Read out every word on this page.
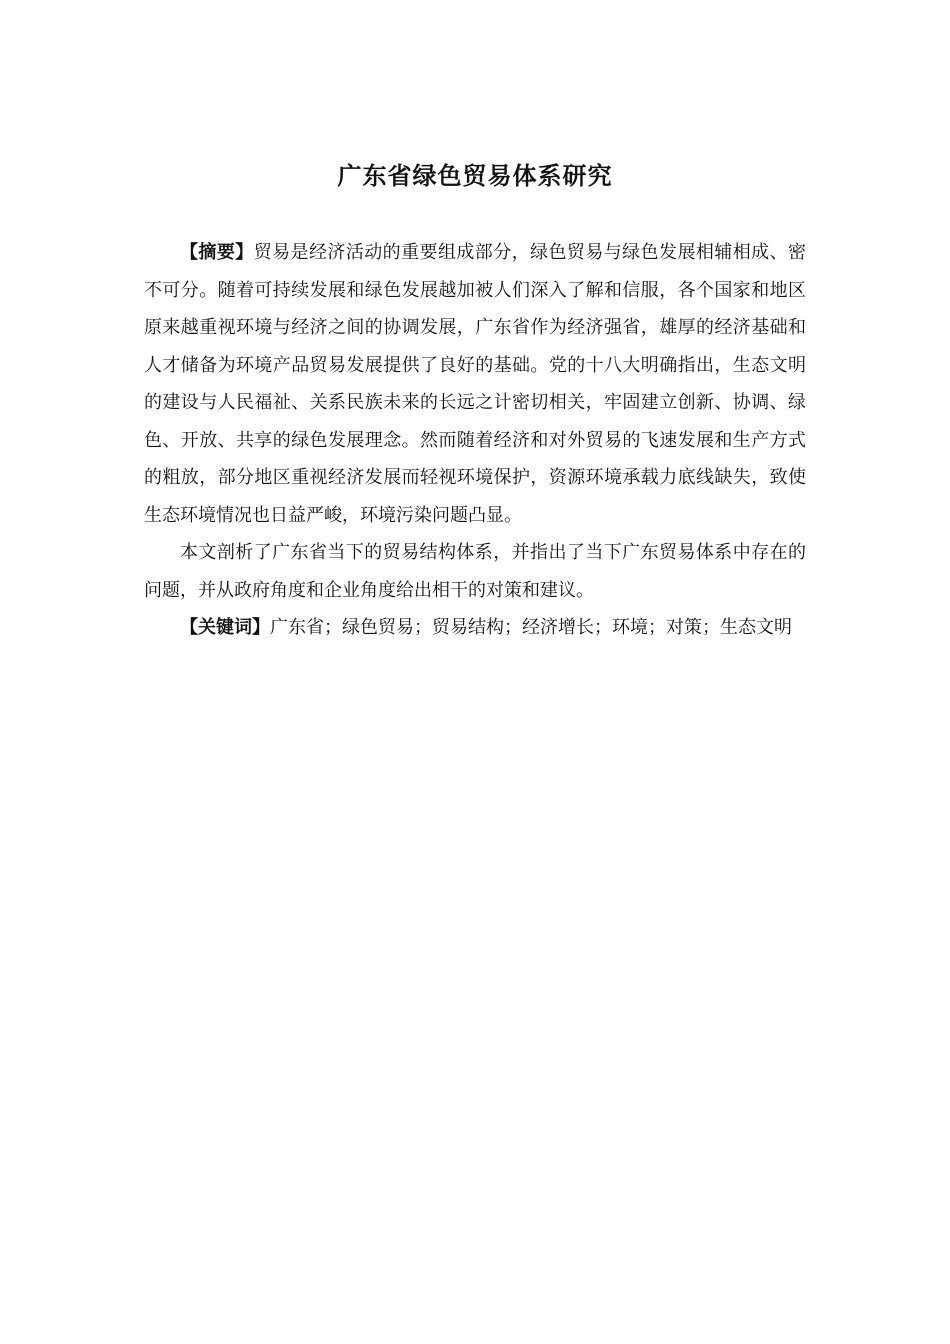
广东省绿色贸易体系研究

【摘要】贸易是经济活动的重要组成部分，绿色贸易与绿色发展相辅相成、密不可分。随着可持续发展和绿色发展越加被人们深入了解和信服，各个国家和地区原来越重视环境与经济之间的协调发展，广东省作为经济强省，雄厚的经济基础和人才储备为环境产品贸易发展提供了良好的基础。党的十八大明确指出，生态文明的建设与人民福祉、关系民族未来的长远之计密切相关，牢固建立创新、协调、绿色、开放、共享的绿色发展理念。然而随着经济和对外贸易的飞速发展和生产方式的粗放，部分地区重视经济发展而轻视环境保护，资源环境承载力底线缺失，致使生态环境情况也日益严峻，环境污染问题凸显。

本文剖析了广东省当下的贸易结构体系，并指出了当下广东贸易体系中存在的问题，并从政府角度和企业角度给出相干的对策和建议。

【关键词】广东省；绿色贸易；贸易结构；经济增长；环境；对策；生态文明
